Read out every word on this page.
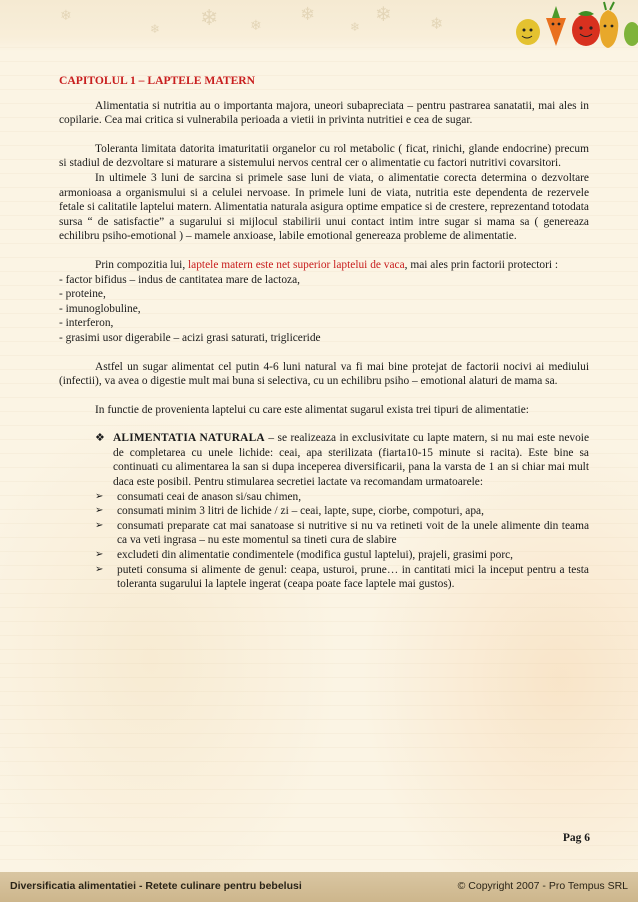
❄ ❄
❄
❄
❄ ❄
❄
❄
CAPITOLUL 1 – LAPTELE MATERN

Alimentatia si nutritia au o importanta majora, uneori subapreciata – pentru pastrarea sanatatii, mai ales in copilarie. Cea mai critica si vulnerabila perioada a vietii in privinta nutritiei e cea de sugar.

Toleranta limitata datorita imaturitatii organelor cu rol metabolic ( ficat, rinichi, glande endocrine) precum si stadiul de dezvoltare si maturare a sistemului nervos central cer o alimentatie cu factori nutritivi covarsitori.

In ultimele 3 luni de sarcina si primele sase luni de viata, o alimentatie corecta determina o dezvoltare armonioasa a organismului si a celulei nervoase. In primele luni de viata, nutritia este dependenta de rezervele fetale si calitatile laptelui matern. Alimentatia naturala asigura optime empatice si de crestere, reprezentand totodata sursa “ de satisfactie” a sugarului si mijlocul stabilirii unui contact intim intre sugar si mama sa ( genereaza echilibru psiho-emotional ) – mamele anxioase, labile emotional genereaza probleme de alimentatie.

Prin compozitia lui, laptele matern este net superior laptelui de vaca, mai ales prin factorii protectori :

- factor bifidus – indus de cantitatea mare de lactoza,
- proteine,
- imunoglobuline,
- interferon,
- grasimi usor digerabile – acizi grasi saturati, trigliceride

Astfel un sugar alimentat cel putin 4-6 luni natural va fi mai bine protejat de factorii nocivi ai mediului (infectii), va avea o digestie mult mai buna si selectiva, cu un echilibru psiho – emotional alaturi de mama sa.

In functie de provenienta laptelui cu care este alimentat sugarul exista trei tipuri de alimentatie:

❖ ALIMENTATIA NATURALA – se realizeaza in exclusivitate cu lapte matern, si nu mai este nevoie de completarea cu unele lichide: ceai, apa sterilizata (fiarta10-15 minute si racita). Este bine sa continuati cu alimentarea la san si dupa inceperea diversificarii, pana la varsta de 1 an si chiar mai mult daca este posibil. Pentru stimularea secretiei lactate va recomandam urmatoarele:
➢	consumati ceai de anason si/sau chimen,
➢	consumati minim 3 litri de lichide / zi – ceai, lapte, supe, ciorbe, compoturi, apa,
➢	consumati preparate cat mai sanatoase si nutritive si nu va retineti voit de la unele alimente din teama ca va veti ingrasa – nu este momentul sa tineti cura de slabire
➢	excludeti din alimentatie condimentele (modifica gustul laptelui), prajeli, grasimi porc,
➢	puteti consuma si alimente de genul: ceapa, usturoi, prune… in cantitati mici la inceput pentru a testa toleranta sugarului la laptele ingerat (ceapa poate face laptele mai gustos).
Pag 6
Diversificatia alimentatiei - Retete culinare pentru bebelusi	© Copyright 2007 - Pro Tempus SRL
